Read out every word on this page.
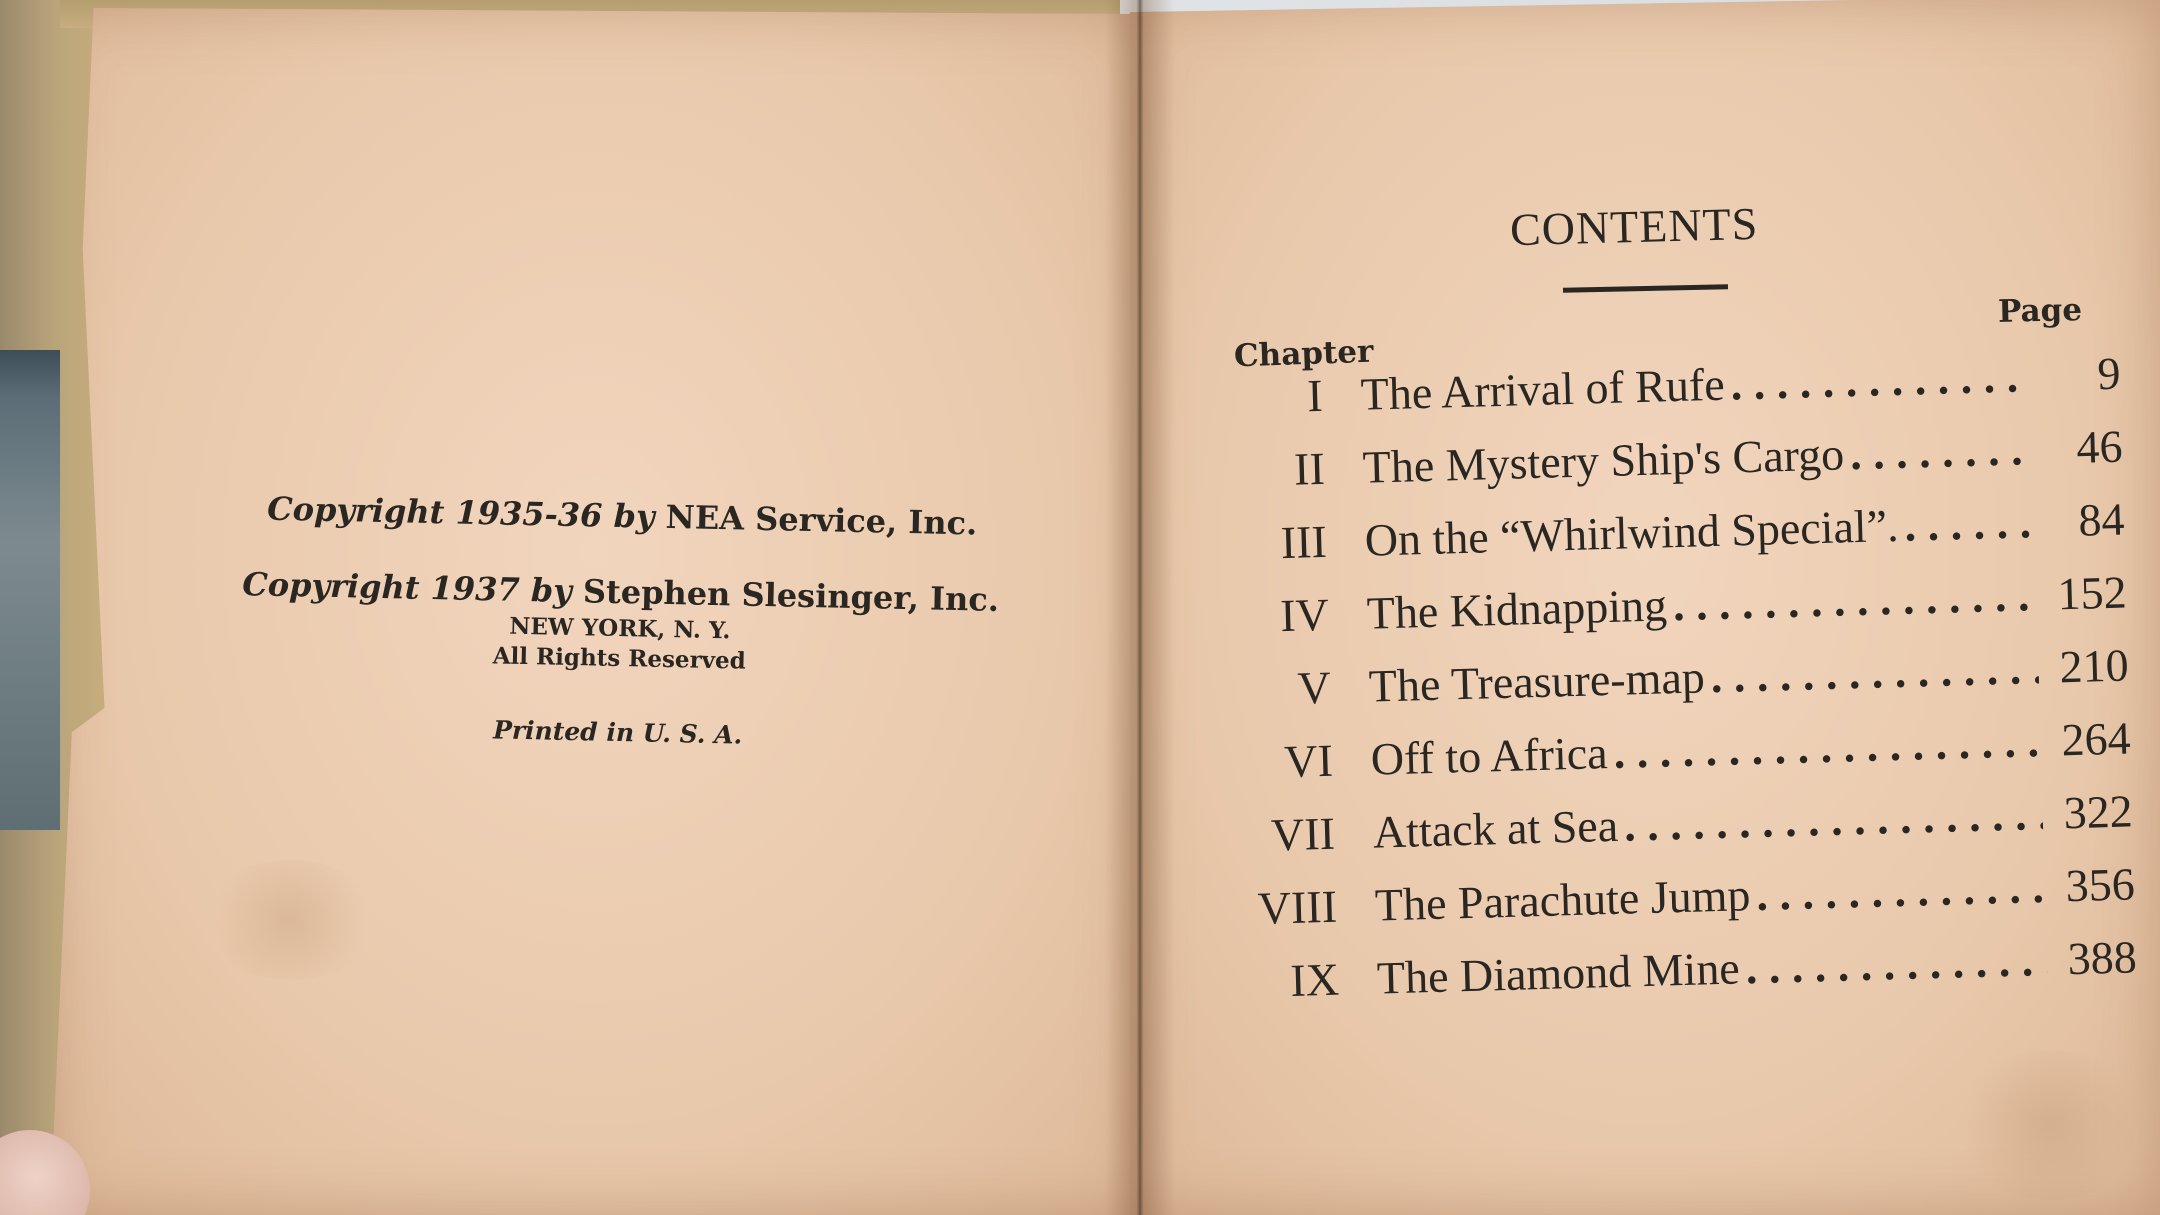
Copyright 1935-36 by NEA Service, Inc.
Copyright 1937 by Stephen Slesinger, Inc.
NEW YORK, N. Y.
All Rights Reserved
Printed in U. S. A.
CONTENTS
Page
Chapter
I The Arrival of Rufe . . .	9
II The Mystery Ship's Cargo . . .	46
III On the “Whirlwind Special”. . . .	84
IV The Kidnapping . . .	152
V The Treasure-map . . .	210
VI Off to Africa . . .	264
VII Attack at Sea . . .	322
VIII The Parachute Jump . . .	356
IX The Diamond Mine . . .	388
